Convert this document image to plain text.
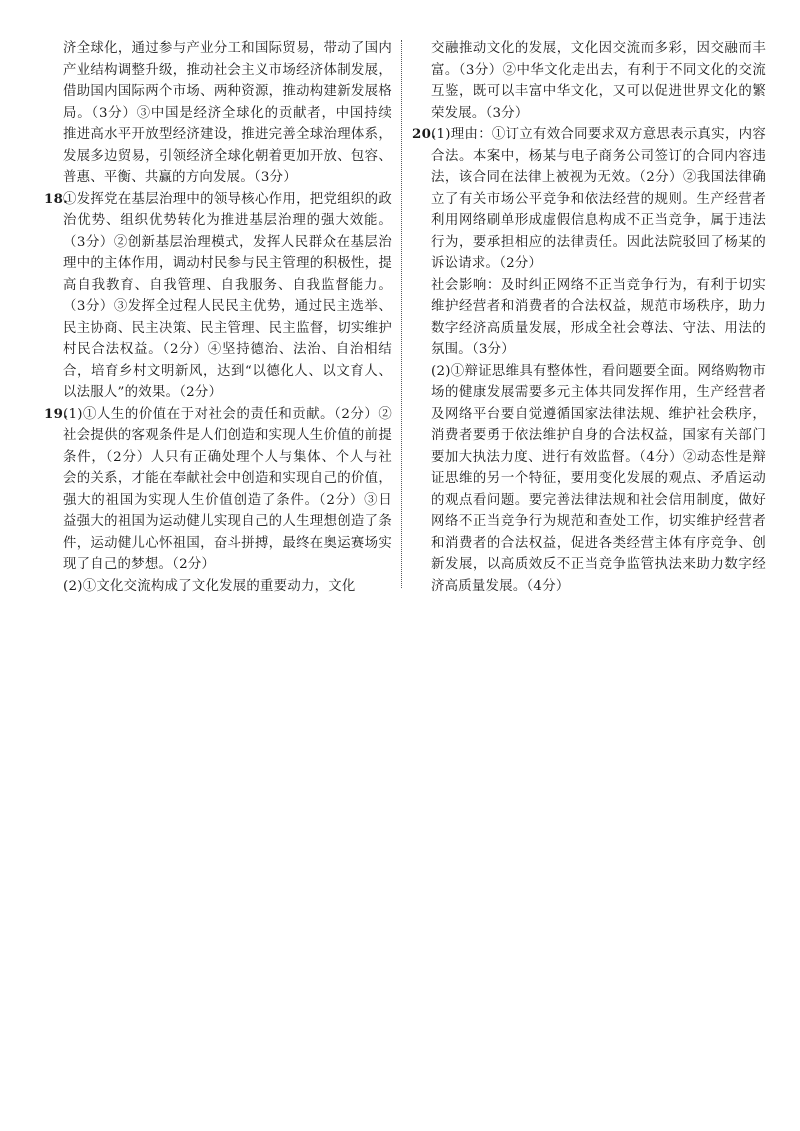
济全球化，通过参与产业分工和国际贸易，带动了国内产业结构调整升级，推动社会主义市场经济体制发展，借助国内国际两个市场、两种资源，推动构建新发展格局。（3分）③中国是经济全球化的贡献者，中国持续推进高水平开放型经济建设，推进完善全球治理体系，发展多边贸易，引领经济全球化朝着更加开放、包容、普惠、平衡、共赢的方向发展。（3分）

18.
①发挥党在基层治理中的领导核心作用，把党组织的政治优势、组织优势转化为推进基层治理的强大效能。（3分）②创新基层治理模式，发挥人民群众在基层治理中的主体作用，调动村民参与民主管理的积极性，提高自我教育、自我管理、自我服务、自我监督能力。（3分）③发挥全过程人民民主优势，通过民主选举、民主协商、民主决策、民主管理、民主监督，切实维护村民合法权益。（2分）④坚持德治、法治、自治相结合，培育乡村文明新风，达到“以德化人、以文育人、以法服人”的效果。（2分）
19.

(1)①人生的价值在于对社会的责任和贡献。（2分）②社会提供的客观条件是人们创造和实现人生价值的前提条件，（2分）人只有正确处理个人与集体、个人与社会的关系，才能在奉献社会中创造和实现自己的价值，强大的祖国为实现人生价值创造了条件。（2分）③日益强大的祖国为运动健儿实现自己的人生理想创造了条件，运动健儿心怀祖国，奋斗拼搏，最终在奥运赛场实现了自己的梦想。（2分）

(2)①文化交流构成了文化发展的重要动力，文化

交融推动文化的发展，文化因交流而多彩，因交融而丰富。（3分）②中华文化走出去，有利于不同文化的交流互鉴，既可以丰富中华文化，又可以促进世界文化的繁荣发展。（3分）

20.

(1)理由：①订立有效合同要求双方意思表示真实，内容合法。本案中，杨某与电子商务公司签订的合同内容违法，该合同在法律上被视为无效。（2分）②我国法律确立了有关市场公平竞争和依法经营的规则。生产经营者利用网络刷单形成虚假信息构成不正当竞争，属于违法行为，要承担相应的法律责任。因此法院驳回了杨某的诉讼请求。（2分）

社会影响：及时纠正网络不正当竞争行为，有利于切实维护经营者和消费者的合法权益，规范市场秩序，助力数字经济高质量发展，形成全社会尊法、守法、用法的氛围。（3分）

(2)①辩证思维具有整体性，看问题要全面。网络购物市场的健康发展需要多元主体共同发挥作用，生产经营者及网络平台要自觉遵循国家法律法规、维护社会秩序，消费者要勇于依法维护自身的合法权益，国家有关部门要加大执法力度、进行有效监督。（4分）②动态性是辩证思维的另一个特征，要用变化发展的观点、矛盾运动的观点看问题。要完善法律法规和社会信用制度，做好网络不正当竞争行为规范和查处工作，切实维护经营者和消费者的合法权益，促进各类经营主体有序竞争、创新发展，以高质效反不正当竞争监管执法来助力数字经济高质量发展。（4分）
